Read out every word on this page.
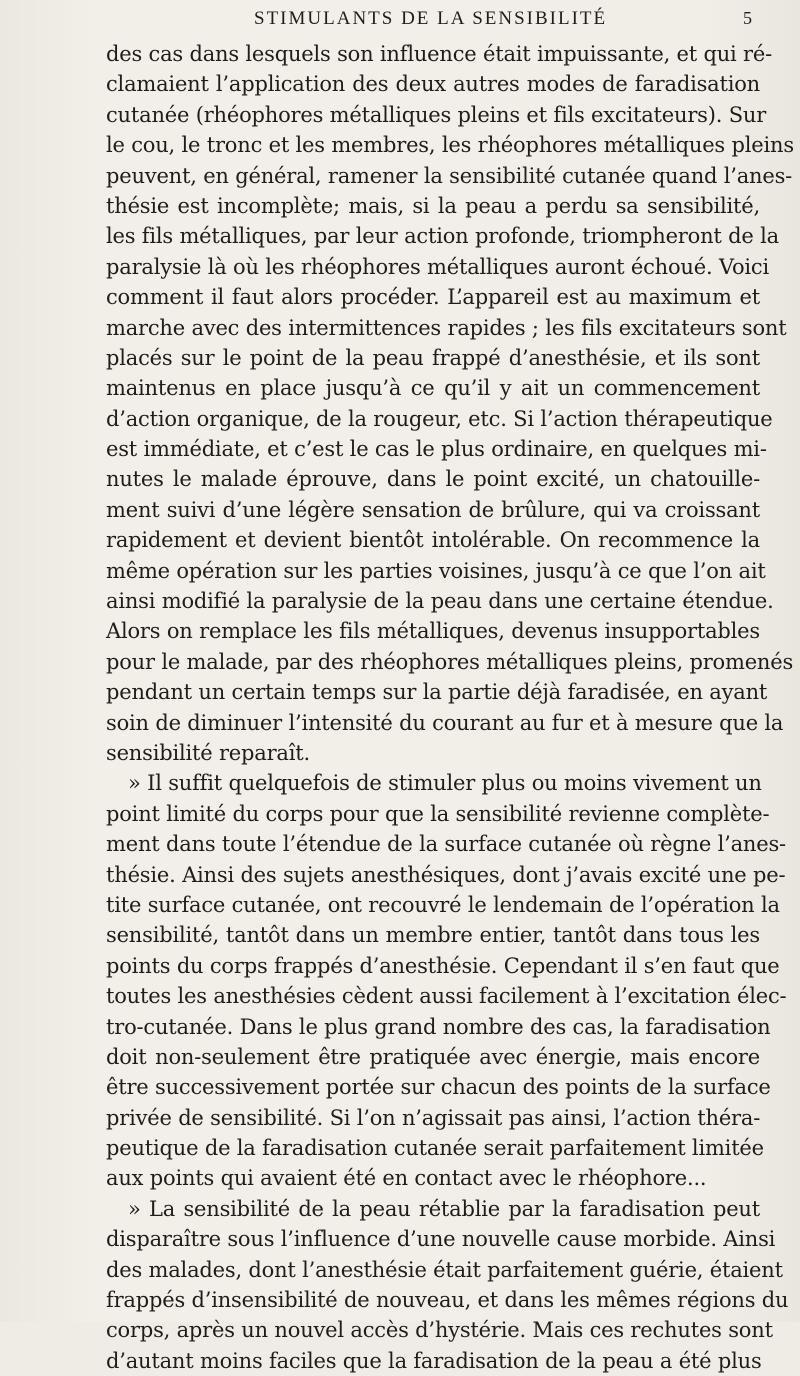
STIMULANTS DE LA SENSIBILITÉ	5
des cas dans lesquels son influence était impuissante, et qui ré-
clamaient l’application des deux autres modes de faradisation
cutanée (rhéophores métalliques pleins et fils excitateurs). Sur
le cou, le tronc et les membres, les rhéophores métalliques pleins
peuvent, en général, ramener la sensibilité cutanée quand l’anes-
thésie est incomplète; mais, si la peau a perdu sa sensibilité,
les fils métalliques, par leur action profonde, triompheront de la
paralysie là où les rhéophores métalliques auront échoué. Voici
comment il faut alors procéder. L’appareil est au maximum et
marche avec des intermittences rapides ; les fils excitateurs sont
placés sur le point de la peau frappé d’anesthésie, et ils sont
maintenus en place jusqu’à ce qu’il y ait un commencement
d’action organique, de la rougeur, etc. Si l’action thérapeutique
est immédiate, et c’est le cas le plus ordinaire, en quelques mi-
nutes le malade éprouve, dans le point excité, un chatouille-
ment suivi d’une légère sensation de brûlure, qui va croissant
rapidement et devient bientôt intolérable. On recommence la
même opération sur les parties voisines, jusqu’à ce que l’on ait
ainsi modifié la paralysie de la peau dans une certaine étendue.
Alors on remplace les fils métalliques, devenus insupportables
pour le malade, par des rhéophores métalliques pleins, promenés
pendant un certain temps sur la partie déjà faradisée, en ayant
soin de diminuer l’intensité du courant au fur et à mesure que la
sensibilité reparaît.
» Il suffit quelquefois de stimuler plus ou moins vivement un
point limité du corps pour que la sensibilité revienne complète-
ment dans toute l’étendue de la surface cutanée où règne l’anes-
thésie. Ainsi des sujets anesthésiques, dont j’avais excité une pe-
tite surface cutanée, ont recouvré le lendemain de l’opération la
sensibilité, tantôt dans un membre entier, tantôt dans tous les
points du corps frappés d’anesthésie. Cependant il s’en faut que
toutes les anesthésies cèdent aussi facilement à l’excitation élec-
tro-cutanée. Dans le plus grand nombre des cas, la faradisation
doit non-seulement être pratiquée avec énergie, mais encore
être successivement portée sur chacun des points de la surface
privée de sensibilité. Si l’on n’agissait pas ainsi, l’action théra-
peutique de la faradisation cutanée serait parfaitement limitée
aux points qui avaient été en contact avec le rhéophore...
» La sensibilité de la peau rétablie par la faradisation peut
disparaître sous l’influence d’une nouvelle cause morbide. Ainsi
des malades, dont l’anesthésie était parfaitement guérie, étaient
frappés d’insensibilité de nouveau, et dans les mêmes régions du
corps, après un nouvel accès d’hystérie. Mais ces rechutes sont
d’autant moins faciles que la faradisation de la peau a été plus
